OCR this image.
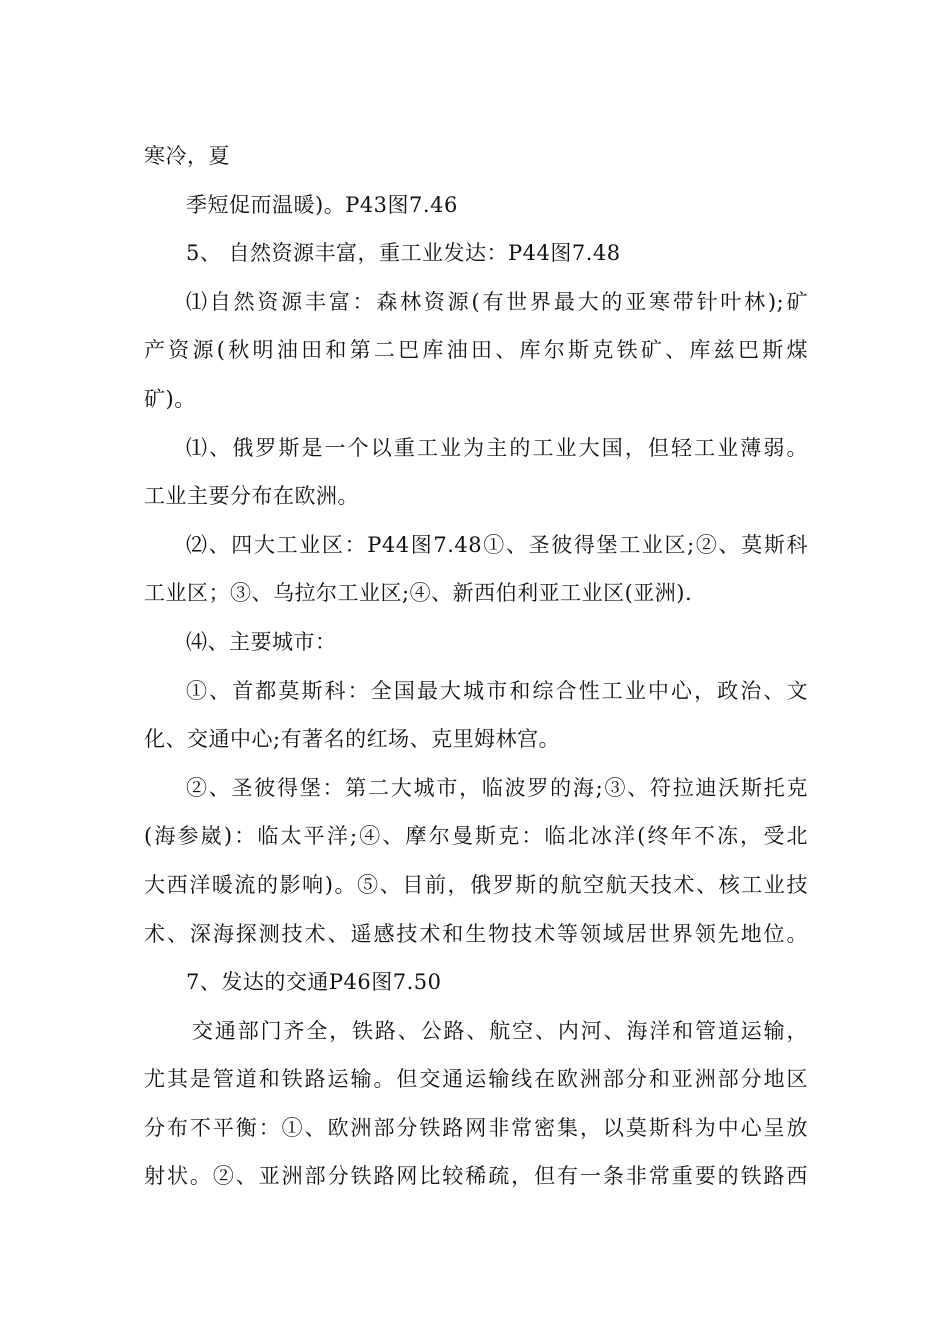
寒冷，夏
季短促而温暖)。P43图7.46
5、 自然资源丰富，重工业发达：P44图7.48
⑴自然资源丰富：森林资源(有世界最大的亚寒带针叶林);矿
产资源(秋明油田和第二巴库油田、库尔斯克铁矿、库兹巴斯煤
矿)。
⑴、俄罗斯是一个以重工业为主的工业大国，但轻工业薄弱。
工业主要分布在欧洲。
⑵、四大工业区：P44图7.48①、圣彼得堡工业区;②、莫斯科
工业区；③、乌拉尔工业区;④、新西伯利亚工业区(亚洲).
⑷、主要城市：
①、首都莫斯科：全国最大城市和综合性工业中心，政治、文
化、交通中心;有著名的红场、克里姆林宫。
②、圣彼得堡：第二大城市，临波罗的海;③、符拉迪沃斯托克
(海参崴)：临太平洋;④、摩尔曼斯克：临北冰洋(终年不冻，受北
大西洋暖流的影响)。⑤、目前，俄罗斯的航空航天技术、核工业技
术、深海探测技术、遥感技术和生物技术等领域居世界领先地位。
7、发达的交通P46图7.50
交通部门齐全，铁路、公路、航空、内河、海洋和管道运输，
尤其是管道和铁路运输。但交通运输线在欧洲部分和亚洲部分地区
分布不平衡：①、欧洲部分铁路网非常密集，以莫斯科为中心呈放
射状。②、亚洲部分铁路网比较稀疏，但有一条非常重要的铁路西
